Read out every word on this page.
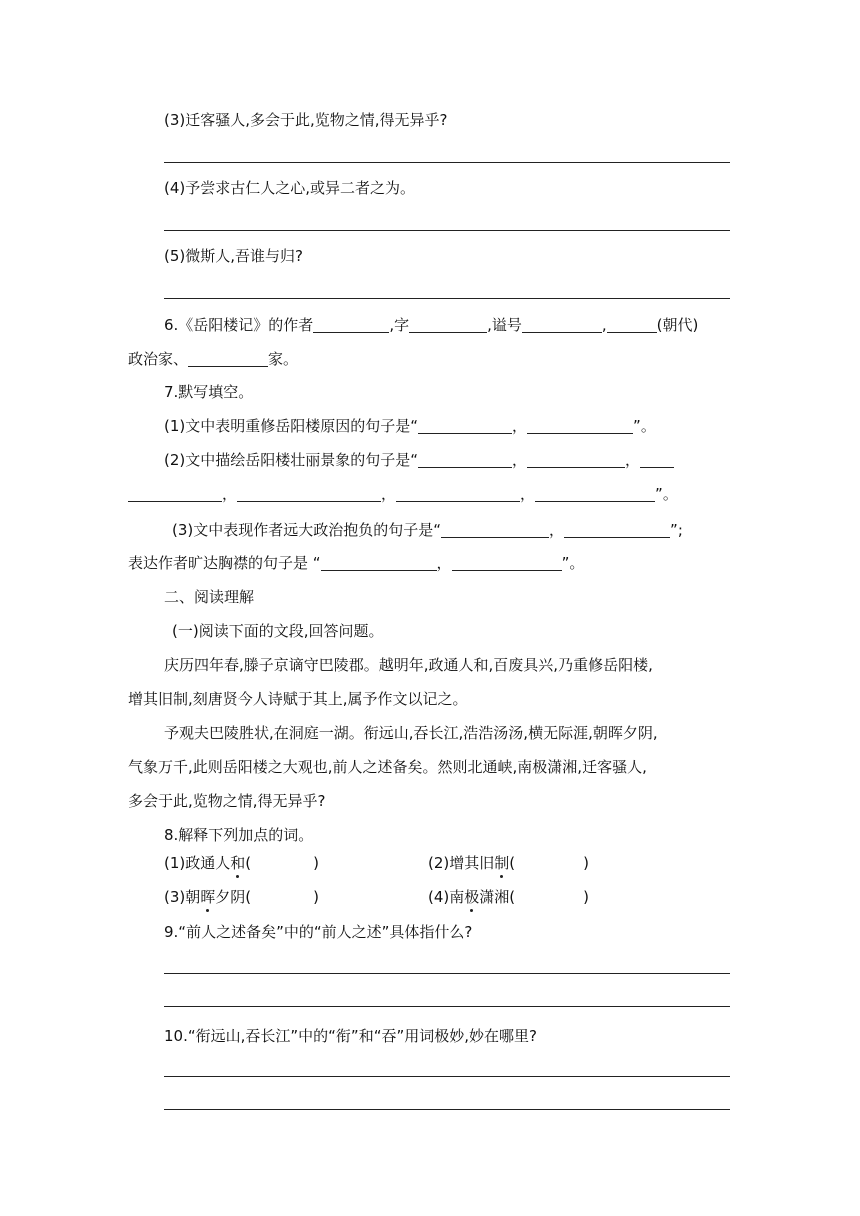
(3)迁客骚人,多会于此,览物之情,得无异乎?
(4)予尝求古仁人之心,或异二者之为。
(5)微斯人,吾谁与归?
6.《岳阳楼记》的作者	,字	,谥号	,	(朝代)
政治家、	家。
7.默写填空。
(1)文中表明重修岳阳楼原因的句子是“	，	”。
(2)文中描绘岳阳楼壮丽景象的句子是“	，	，
，	，	，	”。
(3)文中表现作者远大政治抱负的句子是“	，	”;
表达作者旷达胸襟的句子是 “	，	”。
二、阅读理解
(一)阅读下面的文段,回答问题。
庆历四年春,滕子京谪守巴陵郡。越明年,政通人和,百废具兴,乃重修岳阳楼,
增其旧制,刻唐贤今人诗赋于其上,属予作文以记之。
予观夫巴陵胜状,在洞庭一湖。衔远山,吞长江,浩浩汤汤,横无际涯,朝晖夕阴,
气象万千,此则岳阳楼之大观也,前人之述备矣。然则北通峡,南极潇湘,迁客骚人,
多会于此,览物之情,得无异乎?
8.解释下列加点的词。
(1)政通人和(	)	(2)增其旧制(	)
(3)朝晖夕阴(	)	(4)南极潇湘(	)
9.“前人之述备矣”中的“前人之述”具体指什么?
10.“衔远山,吞长江”中的“衔”和“吞”用词极妙,妙在哪里?
